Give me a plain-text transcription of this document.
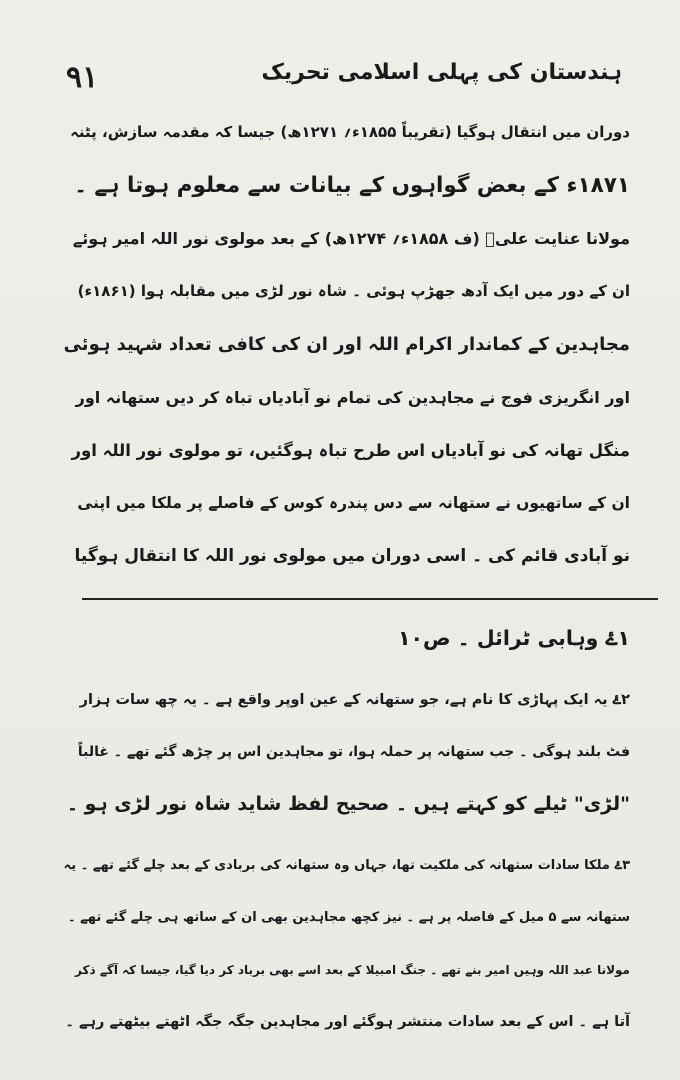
۹۱	ہندستان کی پہلی اسلامی تحریک

دوران میں انتقال ہوگیا (تقریباً ۱۸۵۵ء؍ ۱۲۷۱ھ) جیسا کہ مقدمہ سازش، پٹنہ

۱۸۷۱ء کے بعض گواہوں کے بیانات سے معلوم ہوتا ہے ۔

مولانا عنایت علیؒ (ف ۱۸۵۸ء؍ ۱۲۷۴ھ) کے بعد مولوی نور اللہ امیر ہوئے

ان کے دور میں ایک آدھ جھڑپ ہوئی ۔ شاہ نور لڑی میں مقابلہ ہوا (۱۸۶۱ء)

مجاہدین کے کماندار اکرام اللہ اور ان کی کافی تعداد شہید ہوئی

اور انگریزی فوج نے مجاہدین کی تمام نو آبادیاں تباہ کر دیں ستھانہ اور

منگل تھانہ کی نو آبادیاں اس طرح تباہ ہوگئیں، تو مولوی نور اللہ اور

ان کے ساتھیوں نے ستھانہ سے دس پندرہ کوس کے فاصلے پر ملکا میں اپنی

نو آبادی قائم کی ۔ اسی دوران میں مولوی نور اللہ کا انتقال ہوگیا

۱ۓ وہابی ٹرائل ۔ ص۱۰

۲ۓ یہ ایک پہاڑی کا نام ہے، جو ستھانہ کے عین اوپر واقع ہے ۔ یہ چھ سات ہزار

فٹ بلند ہوگی ۔ جب ستھانہ پر حملہ ہوا، تو مجاہدین اس پر چڑھ گئے تھے ۔ غالباً

"لڑی" ٹیلے کو کہتے ہیں ۔ صحیح لفظ شاید شاہ نور لڑی ہو ۔

۳ۓ ملکا سادات ستھانہ کی ملکیت تھا، جہاں وہ ستھانہ کی بربادی کے بعد چلے گئے تھے ۔ یہ

ستھانہ سے ۵ میل کے فاصلہ پر ہے ۔ نیز کچھ مجاہدین بھی ان کے ساتھ ہی چلے گئے تھے ۔

مولانا عبد اللہ وہیں امیر بنے تھے ۔ جنگ امبیلا کے بعد اسے بھی برباد کر دیا گیا، جیسا کہ آگے ذکر

آتا ہے ۔ اس کے بعد سادات منتشر ہوگئے اور مجاہدین جگہ جگہ اٹھتے بیٹھتے رہے ۔
